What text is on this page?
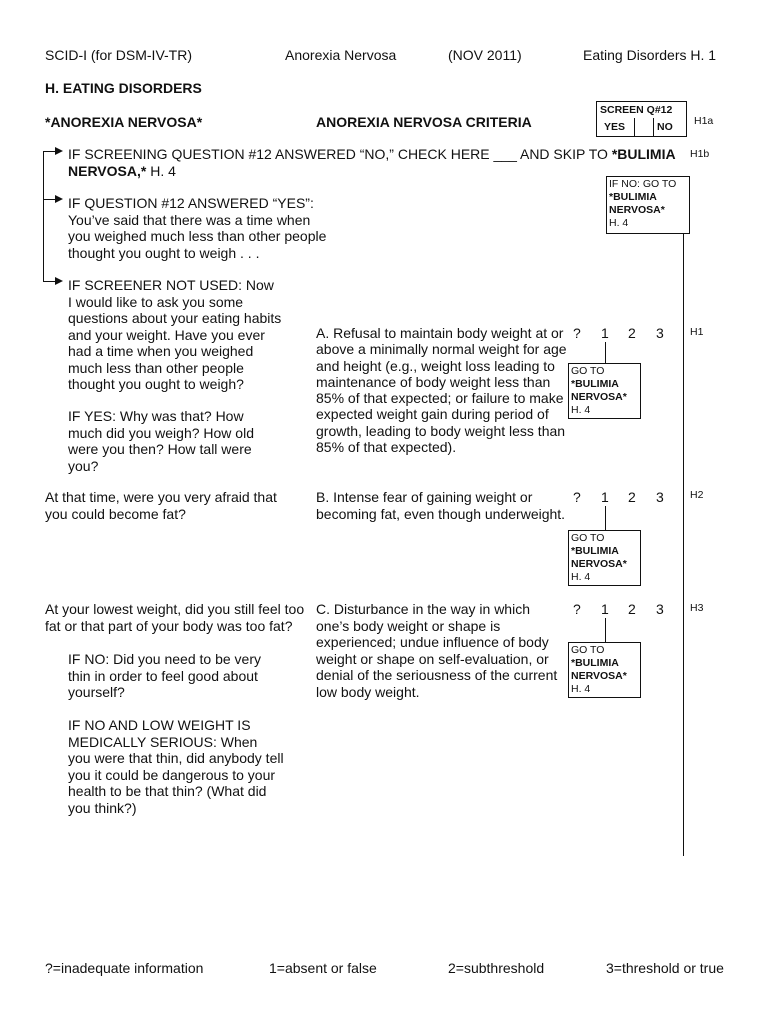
SCID-I (for DSM-IV-TR)	Anorexia Nervosa	(NOV 2011)	Eating Disorders H. 1
H. EATING DISORDERS
*ANOREXIA NERVOSA*	ANOREXIA NERVOSA CRITERIA
SCREEN Q#12
YES	NO H1a
H1b
IF SCREENING QUESTION #12 ANSWERED “NO,” CHECK HERE ___ AND SKIP TO *BULIMIA NERVOSA,* H. 4
IF NO: GO TO
*BULIMIA
NERVOSA*
H. 4
IF QUESTION #12 ANSWERED “YES”:
You’ve said that there was a time when
you weighed much less than other people
thought you ought to weigh . . .
IF SCREENER NOT USED: Now
I would like to ask you some
questions about your eating habits
and your weight. Have you ever
had a time when you weighed
much less than other people
thought you ought to weigh?
IF YES: Why was that? How
much did you weigh? How old
were you then? How tall were
you?
A. Refusal to maintain body weight at or
above a minimally normal weight for age
and height (e.g., weight loss leading to
maintenance of body weight less than
85% of that expected; or failure to make
expected weight gain during period of
growth, leading to body weight less than
85% of that expected).
? 1 2 3 H1
GO TO
*BULIMIA
NERVOSA*
H. 4
At that time, were you very afraid that
you could become fat?
B. Intense fear of gaining weight or
becoming fat, even though underweight.
? 1 2 3 H2
GO TO
*BULIMIA
NERVOSA*
H. 4
At your lowest weight, did you still feel too
fat or that part of your body was too fat?
C. Disturbance in the way in which
one’s body weight or shape is
experienced; undue influence of body
weight or shape on self-evaluation, or
denial of the seriousness of the current
low body weight.
? 1 2 3 H3
GO TO
*BULIMIA
NERVOSA*
H. 4
IF NO: Did you need to be very
thin in order to feel good about
yourself?
IF NO AND LOW WEIGHT IS
MEDICALLY SERIOUS: When
you were that thin, did anybody tell
you it could be dangerous to your
health to be that thin? (What did
you think?)
?=inadequate information	1=absent or false	2=subthreshold	3=threshold or true
